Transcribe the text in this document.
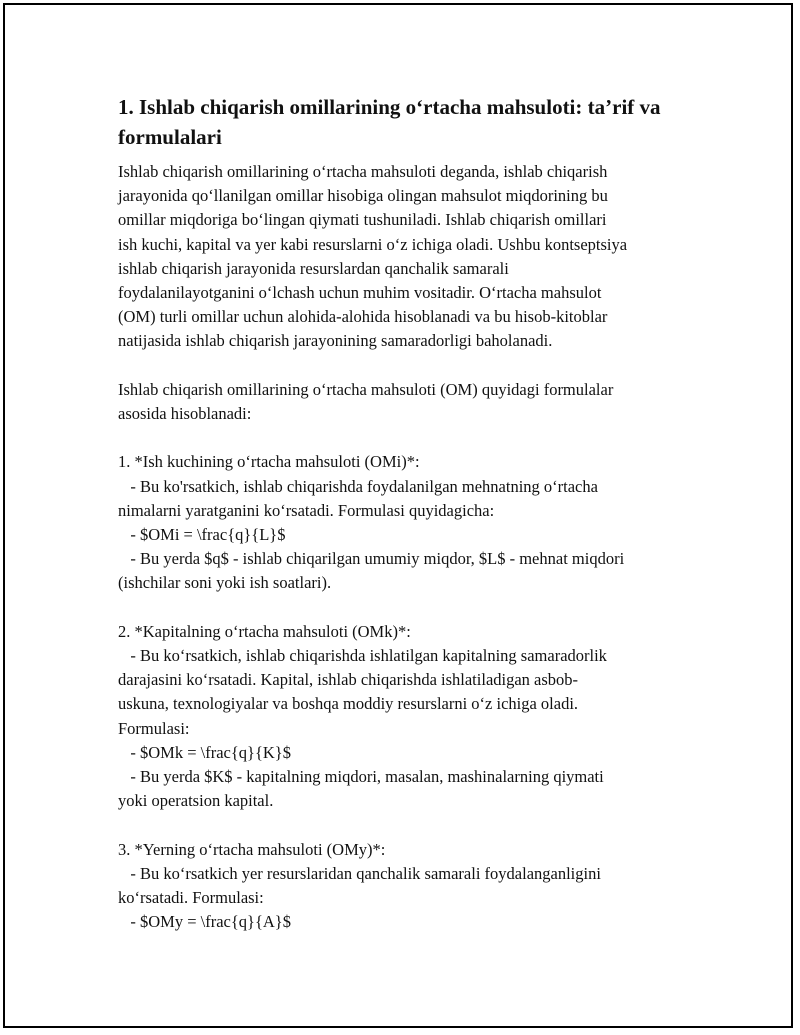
1. Ishlab chiqarish omillarining oʻrtacha mahsuloti: ta’rif va
formulalari
Ishlab chiqarish omillarining oʻrtacha mahsuloti deganda, ishlab chiqarish
jarayonida qoʻllanilgan omillar hisobiga olingan mahsulot miqdorining bu
omillar miqdoriga boʻlingan qiymati tushuniladi. Ishlab chiqarish omillari
ish kuchi, kapital va yer kabi resurslarni oʻz ichiga oladi. Ushbu kontseptsiya
ishlab chiqarish jarayonida resurslardan qanchalik samarali
foydalanilayotganini oʻlchash uchun muhim vositadir. Oʻrtacha mahsulot
(OM) turli omillar uchun alohida-alohida hisoblanadi va bu hisob-kitoblar
natijasida ishlab chiqarish jarayonining samaradorligi baholanadi.
Ishlab chiqarish omillarining oʻrtacha mahsuloti (OM) quyidagi formulalar
asosida hisoblanadi:
1. *Ish kuchining oʻrtacha mahsuloti (OMi)*:
- Bu ko'rsatkich, ishlab chiqarishda foydalanilgan mehnatning oʻrtacha
nimalarni yaratganini koʻrsatadi. Formulasi quyidagicha:
- $OMi = \frac{q}{L}$
- Bu yerda $q$ - ishlab chiqarilgan umumiy miqdor, $L$ - mehnat miqdori
(ishchilar soni yoki ish soatlari).
2. *Kapitalning oʻrtacha mahsuloti (OMk)*:
- Bu koʻrsatkich, ishlab chiqarishda ishlatilgan kapitalning samaradorlik
darajasini koʻrsatadi. Kapital, ishlab chiqarishda ishlatiladigan asbob-
uskuna, texnologiyalar va boshqa moddiy resurslarni oʻz ichiga oladi.
Formulasi:
- $OMk = \frac{q}{K}$
- Bu yerda $K$ - kapitalning miqdori, masalan, mashinalarning qiymati
yoki operatsion kapital.
3. *Yerning oʻrtacha mahsuloti (OMy)*:
- Bu koʻrsatkich yer resurslaridan qanchalik samarali foydalanganligini
koʻrsatadi. Formulasi:
- $OMy = \frac{q}{A}$
